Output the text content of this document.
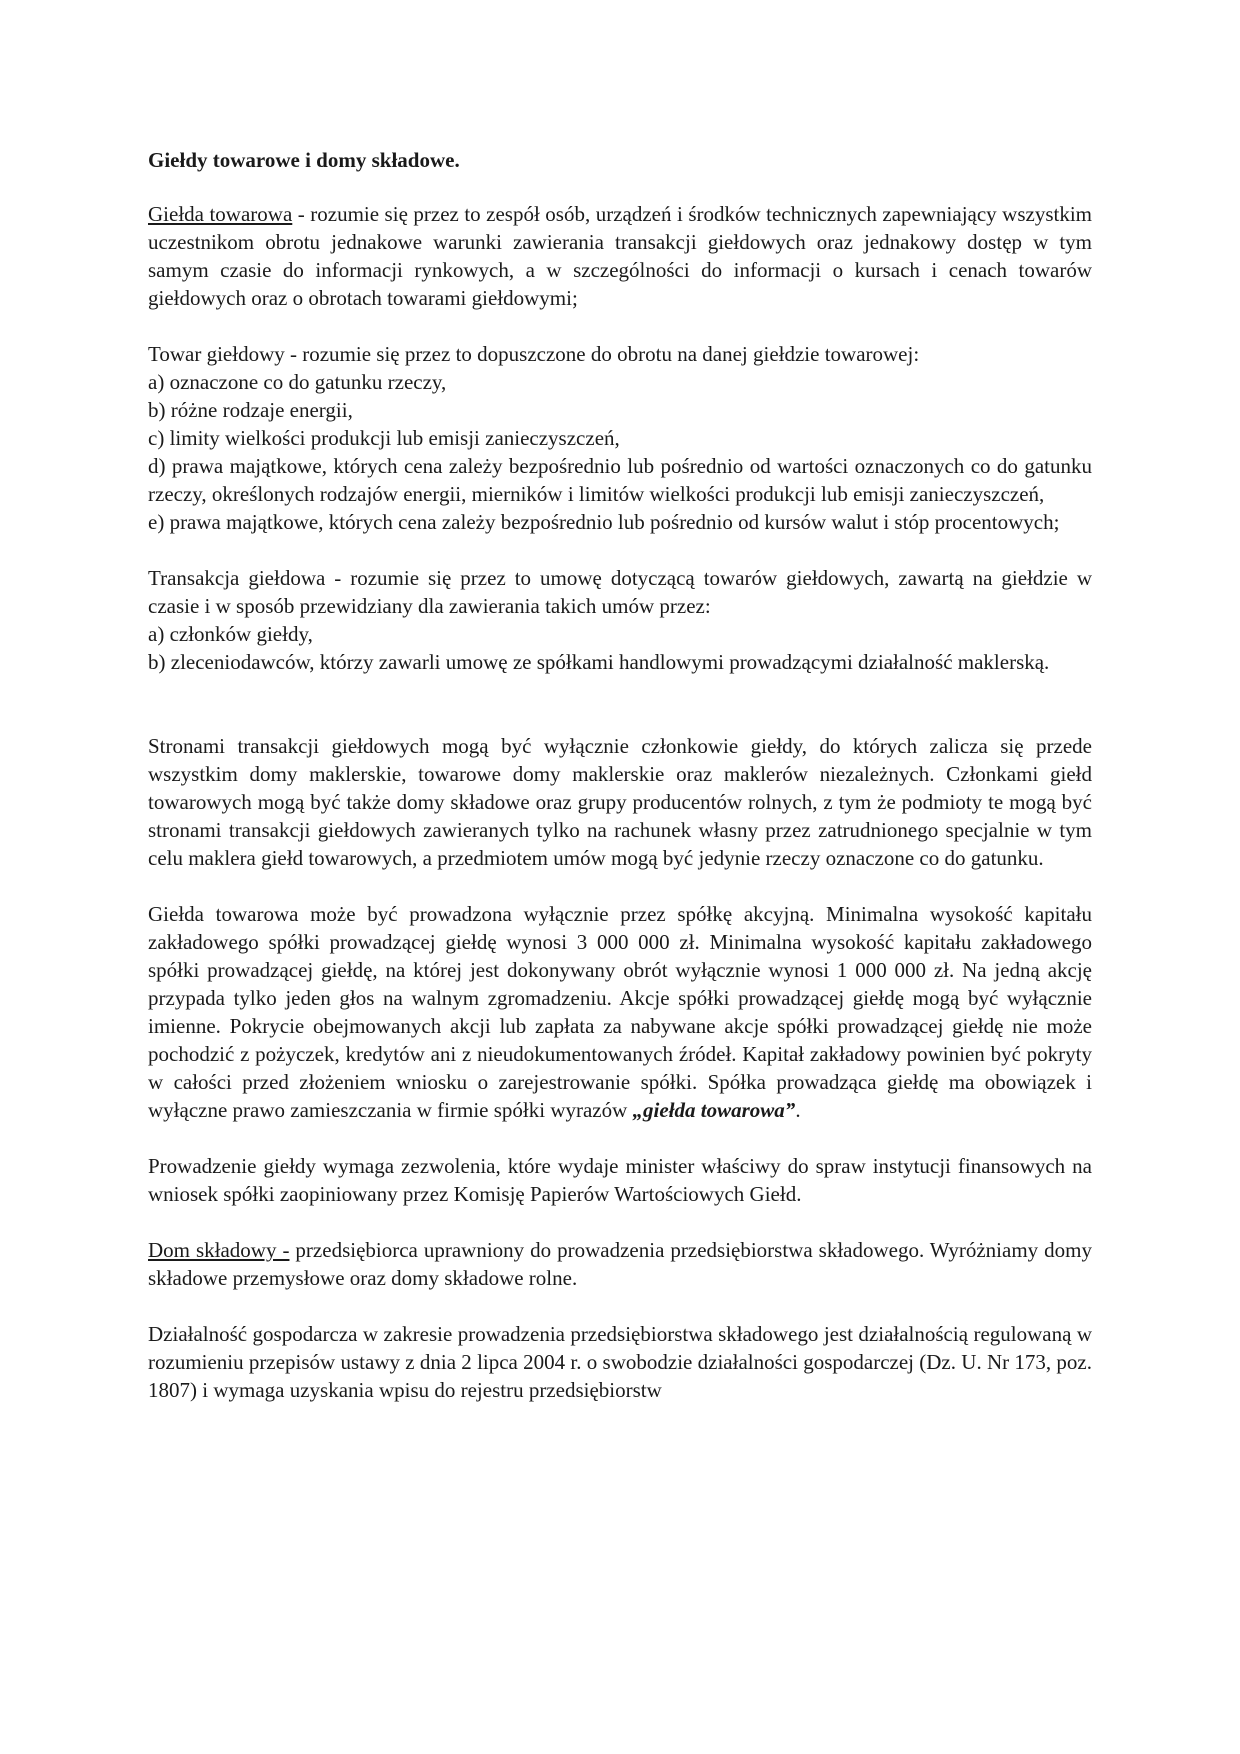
Giełdy towarowe i domy składowe.

Giełda towarowa - rozumie się przez to zespół osób, urządzeń i środków technicznych zapewniający wszystkim uczestnikom obrotu jednakowe warunki zawierania transakcji giełdowych oraz jednakowy dostęp w tym samym czasie do informacji rynkowych, a w szczególności do informacji o kursach i cenach towarów giełdowych oraz o obrotach towarami giełdowymi;

Towar giełdowy - rozumie się przez to dopuszczone do obrotu na danej giełdzie towarowej:

a) oznaczone co do gatunku rzeczy,

b) różne rodzaje energii,

c) limity wielkości produkcji lub emisji zanieczyszczeń,

d) prawa majątkowe, których cena zależy bezpośrednio lub pośrednio od wartości oznaczonych co do gatunku rzeczy, określonych rodzajów energii, mierników i limitów wielkości produkcji lub emisji zanieczyszczeń,

e) prawa majątkowe, których cena zależy bezpośrednio lub pośrednio od kursów walut i stóp procentowych;

Transakcja giełdowa - rozumie się przez to umowę dotyczącą towarów giełdowych, zawartą na giełdzie w czasie i w sposób przewidziany dla zawierania takich umów przez:

a) członków giełdy,

b) zleceniodawców, którzy zawarli umowę ze spółkami handlowymi prowadzącymi działalność maklerską.

Stronami transakcji giełdowych mogą być wyłącznie członkowie giełdy, do których zalicza się przede wszystkim domy maklerskie, towarowe domy maklerskie oraz maklerów niezależnych. Członkami giełd towarowych mogą być także domy składowe oraz grupy producentów rolnych, z tym że podmioty te mogą być stronami transakcji giełdowych zawieranych tylko na rachunek własny przez zatrudnionego specjalnie w tym celu maklera giełd towarowych, a przedmiotem umów mogą być jedynie rzeczy oznaczone co do gatunku.

Giełda towarowa może być prowadzona wyłącznie przez spółkę akcyjną. Minimalna wysokość kapitału zakładowego spółki prowadzącej giełdę wynosi 3 000 000 zł. Minimalna wysokość kapitału zakładowego spółki prowadzącej giełdę, na której jest dokonywany obrót wyłącznie wynosi 1 000 000 zł. Na jedną akcję przypada tylko jeden głos na walnym zgromadzeniu. Akcje spółki prowadzącej giełdę mogą być wyłącznie imienne. Pokrycie obejmowanych akcji lub zapłata za nabywane akcje spółki prowadzącej giełdę nie może pochodzić z pożyczek, kredytów ani z nieudokumentowanych źródeł. Kapitał zakładowy powinien być pokryty w całości przed złożeniem wniosku o zarejestrowanie spółki. Spółka prowadząca giełdę ma obowiązek i wyłączne prawo zamieszczania w firmie spółki wyrazów „giełda towarowa”.

Prowadzenie giełdy wymaga zezwolenia, które wydaje minister właściwy do spraw instytucji finansowych na wniosek spółki zaopiniowany przez Komisję Papierów Wartościowych Giełd.

Dom składowy - przedsiębiorca uprawniony do prowadzenia przedsiębiorstwa składowego. Wyróżniamy domy składowe przemysłowe oraz domy składowe rolne.

Działalność gospodarcza w zakresie prowadzenia przedsiębiorstwa składowego jest działalnością regulowaną w rozumieniu przepisów ustawy z dnia 2 lipca 2004 r. o swobodzie działalności gospodarczej (Dz. U. Nr 173, poz. 1807) i wymaga uzyskania wpisu do rejestru przedsiębiorstw
